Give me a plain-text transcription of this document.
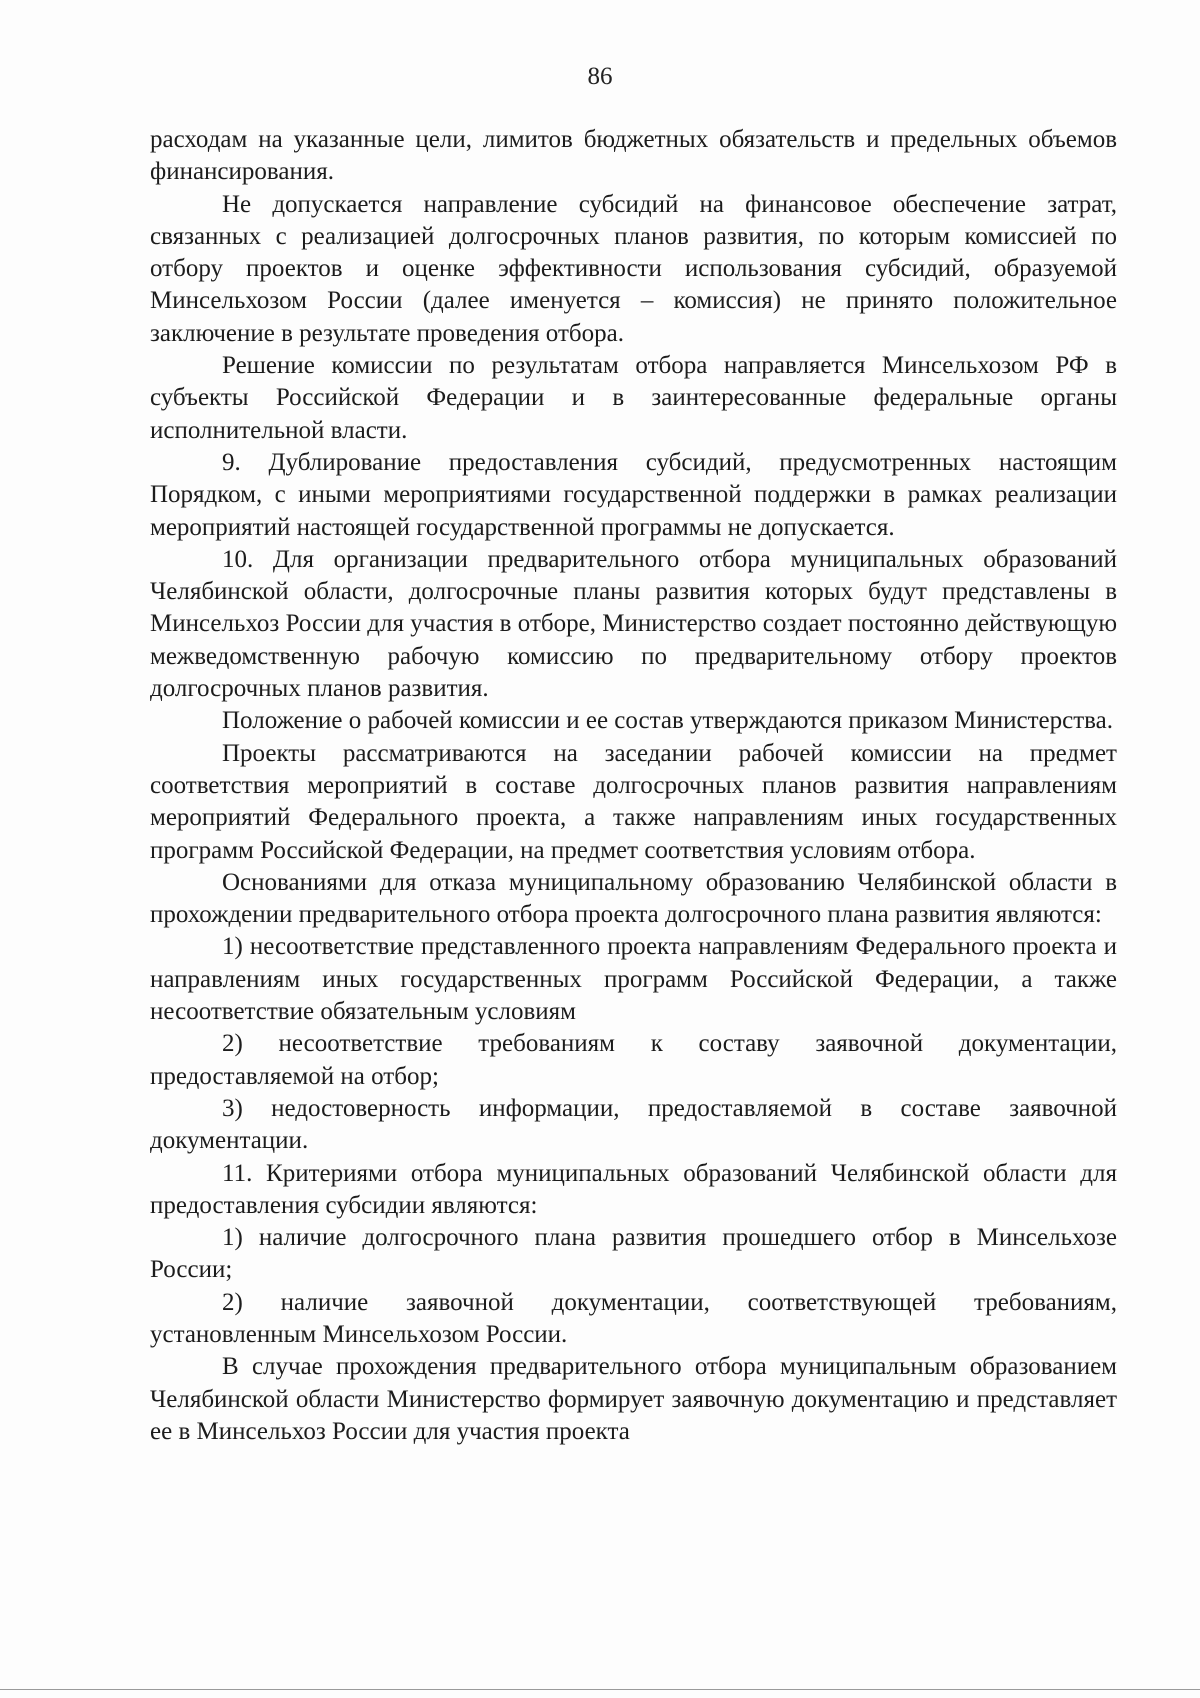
86

расходам на указанные цели, лимитов бюджетных обязательств и предельных объемов финансирования.

Не допускается направление субсидий на финансовое обеспечение затрат, связанных с реализацией долгосрочных планов развития, по которым комиссией по отбору проектов и оценке эффективности использования субсидий, образуемой Минсельхозом России (далее именуется – комиссия) не принято положительное заключение в результате проведения отбора.

Решение комиссии по результатам отбора направляется Минсельхозом РФ в субъекты Российской Федерации и в заинтересованные федеральные органы исполнительной власти.

9. Дублирование предоставления субсидий, предусмотренных настоящим Порядком, с иными мероприятиями государственной поддержки в рамках реализации мероприятий настоящей государственной программы не допускается.

10. Для организации предварительного отбора муниципальных образований Челябинской области, долгосрочные планы развития которых будут представлены в Минсельхоз России для участия в отборе, Министерство создает постоянно действующую межведомственную рабочую комиссию по предварительному отбору проектов долгосрочных планов развития.

Положение о рабочей комиссии и ее состав утверждаются приказом Министерства.

Проекты рассматриваются на заседании рабочей комиссии на предмет соответствия мероприятий в составе долгосрочных планов развития направлениям мероприятий Федерального проекта, а также направлениям иных государственных программ Российской Федерации, на предмет соответствия условиям отбора.

Основаниями для отказа муниципальному образованию Челябинской области в прохождении предварительного отбора проекта долгосрочного плана развития являются:

1) несоответствие представленного проекта направлениям Федерального проекта и направлениям иных государственных программ Российской Федерации, а также несоответствие обязательным условиям

2) несоответствие требованиям к составу заявочной документации, предоставляемой на отбор;

3) недостоверность информации, предоставляемой в составе заявочной документации.

11. Критериями отбора муниципальных образований Челябинской области для предоставления субсидии являются:

1) наличие долгосрочного плана развития прошедшего отбор в Минсельхозе России;

2) наличие заявочной документации, соответствующей требованиям, установленным Минсельхозом России.

В случае прохождения предварительного отбора муниципальным образованием Челябинской области Министерство формирует заявочную документацию и представляет ее в Минсельхоз России для участия проекта
